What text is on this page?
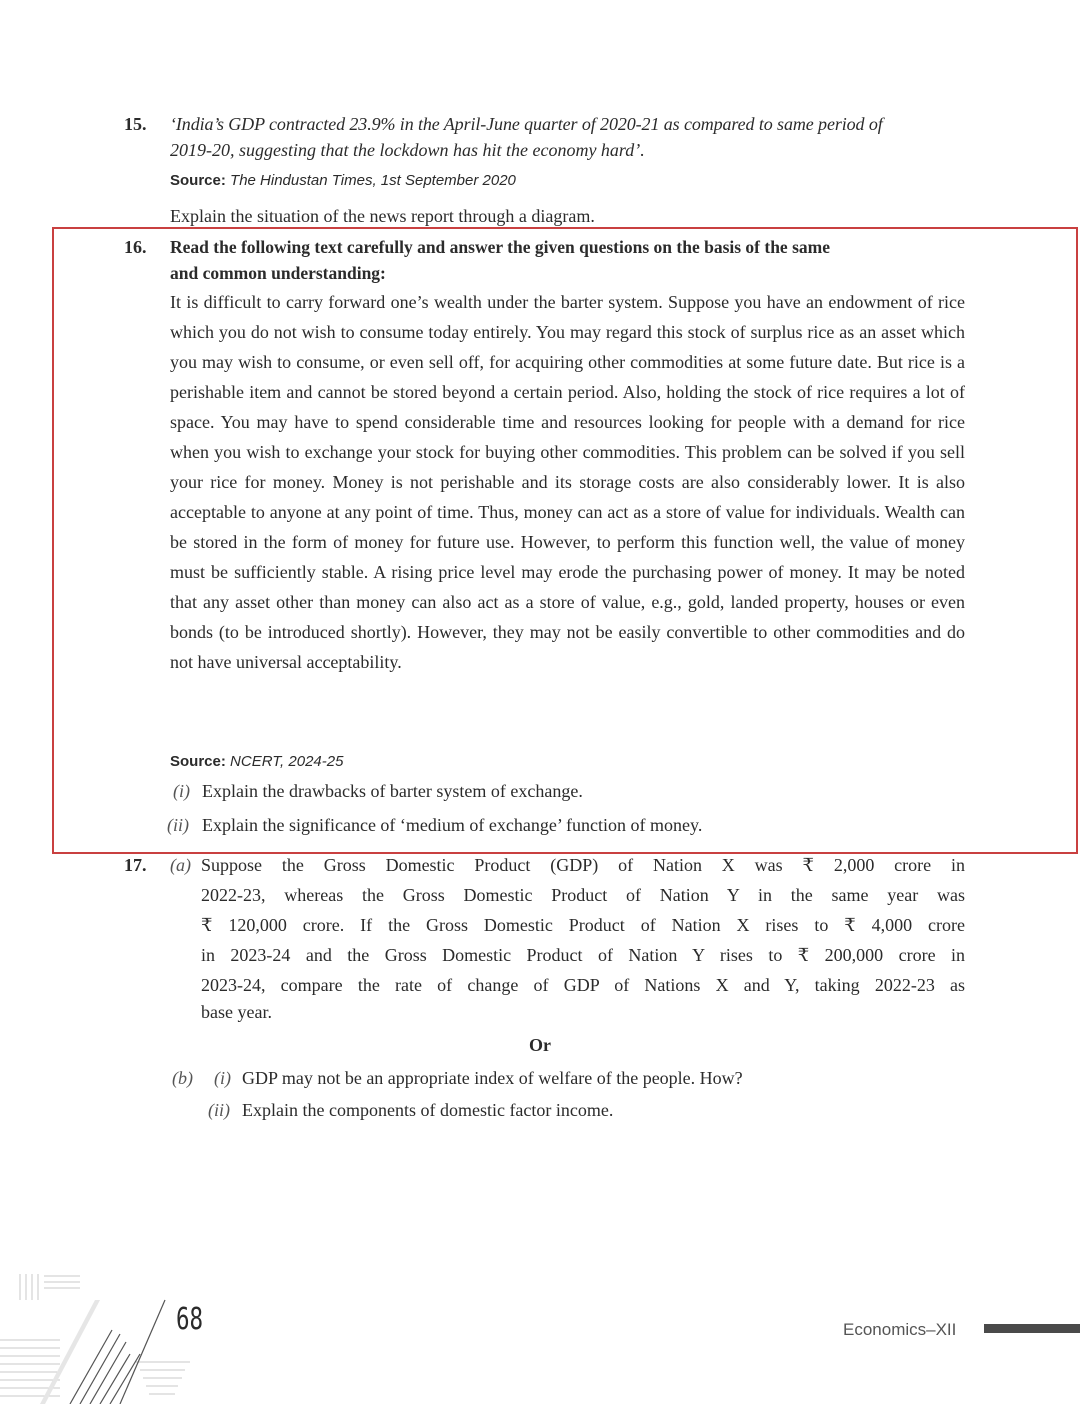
15. ‘India’s GDP contracted 23.9% in the April-June quarter of 2020-21 as compared to same period of
2019-20, suggesting that the lockdown has hit the economy hard’.
Source: The Hindustan Times, 1st September 2020
Explain the situation of the news report through a diagram.
16. Read the following text carefully and answer the given questions on the basis of the same
and common understanding:
It is difficult to carry forward one’s wealth under the barter system. Suppose you have an endowment of rice which you do not wish to consume today entirely. You may regard this stock of surplus rice as an asset which you may wish to consume, or even sell off, for acquiring other commodities at some future date. But rice is a perishable item and cannot be stored beyond a certain period. Also, holding the stock of rice requires a lot of space. You may have to spend considerable time and resources looking for people with a demand for rice when you wish to exchange your stock for buying other commodities. This problem can be solved if you sell your rice for money. Money is not perishable and its storage costs are also considerably lower. It is also acceptable to anyone at any point of time. Thus, money can act as a store of value for individuals. Wealth can be stored in the form of money for future use. However, to perform this function well, the value of money must be sufficiently stable. A rising price level may erode the purchasing power of money. It may be noted that any asset other than money can also act as a store of value, e.g., gold, landed property, houses or even bonds (to be introduced shortly). However, they may not be easily convertible to other commodities and do not have universal acceptability.
Source: NCERT, 2024-25
(i) Explain the drawbacks of barter system of exchange.
(ii) Explain the significance of ‘medium of exchange’ function of money.
17. (a) Suppose the Gross Domestic Product (GDP) of Nation X was ₹ 2,000 crore in
2022-23, whereas the Gross Domestic Product of Nation Y in the same year was
₹ 120,000 crore. If the Gross Domestic Product of Nation X rises to ₹ 4,000 crore
in 2023-24 and the Gross Domestic Product of Nation Y rises to ₹ 200,000 crore in
2023-24, compare the rate of change of GDP of Nations X and Y, taking 2022-23 as
base year.
Or
(b) (i) GDP may not be an appropriate index of welfare of the people. How?
(ii) Explain the components of domestic factor income.
68	Economics–XII
